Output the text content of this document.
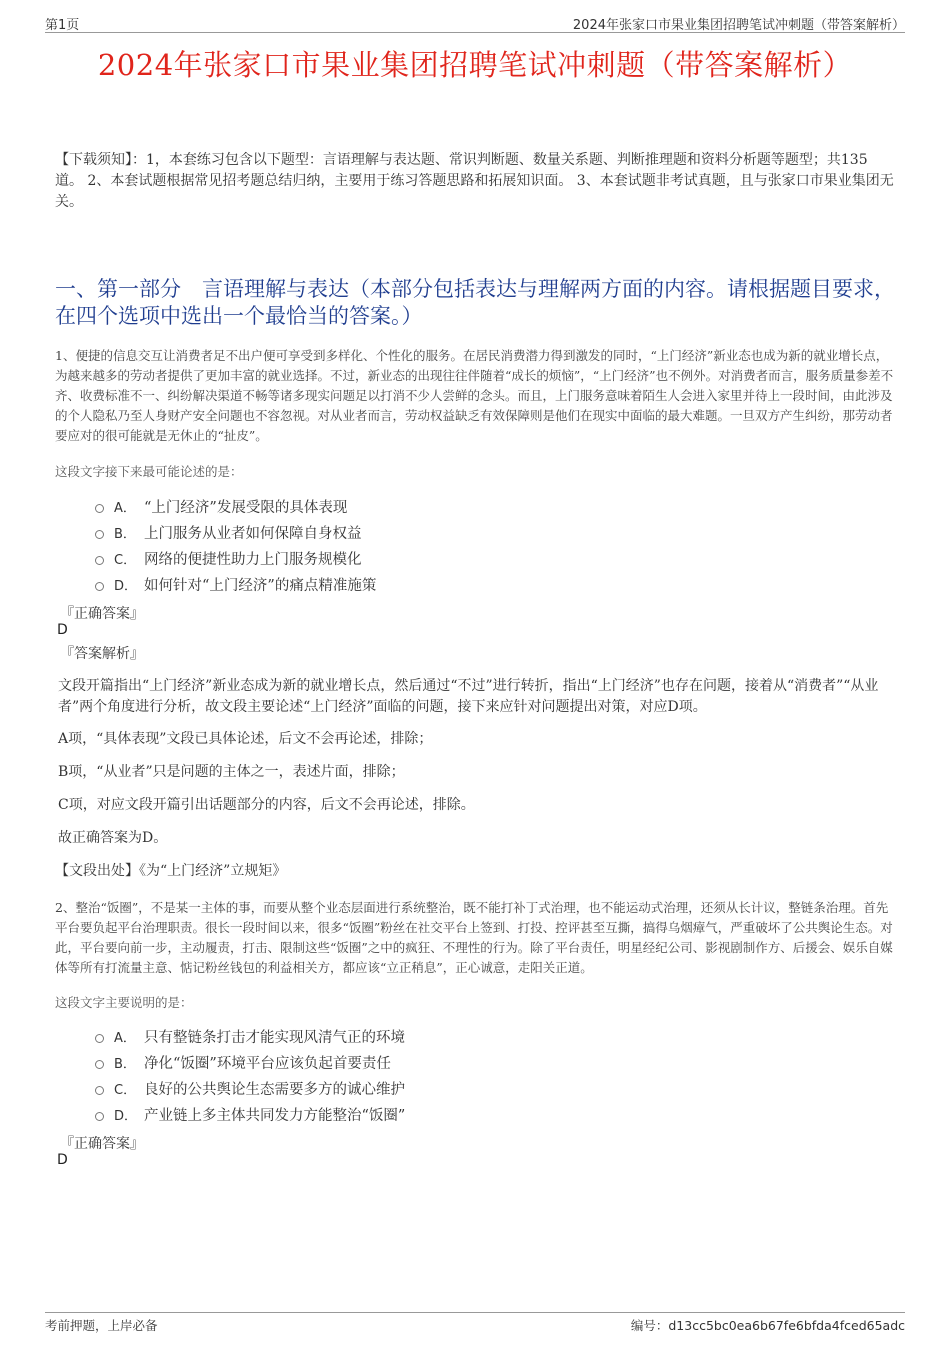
第1页	2024年张家口市果业集团招聘笔试冲刺题（带答案解析）
2024年张家口市果业集团招聘笔试冲刺题（带答案解析）
【下载须知】：1，本套练习包含以下题型：言语理解与表达题、常识判断题、数量关系题、判断推理题和资料分析题等题型；共135道。 2、本套试题根据常见招考题总结归纳，主要用于练习答题思路和拓展知识面。 3、本套试题非考试真题，且与张家口市果业集团无关。
一、第一部分　言语理解与表达（本部分包括表达与理解两方面的内容。请根据题目要求，在四个选项中选出一个最恰当的答案。）
1、便捷的信息交互让消费者足不出户便可享受到多样化、个性化的服务。在居民消费潜力得到激发的同时，“上门经济”新业态也成为新的就业增长点，为越来越多的劳动者提供了更加丰富的就业选择。不过，新业态的出现往往伴随着“成长的烦恼”，“上门经济”也不例外。对消费者而言，服务质量参差不齐、收费标准不一、纠纷解决渠道不畅等诸多现实问题足以打消不少人尝鲜的念头。而且，上门服务意味着陌生人会进入家里并待上一段时间，由此涉及的个人隐私乃至人身财产安全问题也不容忽视。对从业者而言，劳动权益缺乏有效保障则是他们在现实中面临的最大难题。一旦双方产生纠纷，那劳动者要应对的很可能就是无休止的“扯皮”。
这段文字接下来最可能论述的是：
A． “上门经济”发展受限的具体表现
B． 上门服务从业者如何保障自身权益
C． 网络的便捷性助力上门服务规模化
D． 如何针对“上门经济”的痛点精准施策
『正确答案』
D
『答案解析』
文段开篇指出“上门经济”新业态成为新的就业增长点，然后通过“不过”进行转折，指出“上门经济”也存在问题，接着从“消费者”“从业者”两个角度进行分析，故文段主要论述“上门经济”面临的问题，接下来应针对问题提出对策，对应D项。
A项，“具体表现”文段已具体论述，后文不会再论述，排除；
B项，“从业者”只是问题的主体之一，表述片面，排除；
C项，对应文段开篇引出话题部分的内容，后文不会再论述，排除。
故正确答案为D。
【文段出处】《为“上门经济”立规矩》
2、整治“饭圈”，不是某一主体的事，而要从整个业态层面进行系统整治，既不能打补丁式治理，也不能运动式治理，还须从长计议，整链条治理。首先平台要负起平台治理职责。很长一段时间以来，很多“饭圈”粉丝在社交平台上签到、打投、控评甚至互撕，搞得乌烟瘴气，严重破坏了公共舆论生态。对此，平台要向前一步，主动履责，打击、限制这些“饭圈”之中的疯狂、不理性的行为。除了平台责任，明星经纪公司、影视剧制作方、后援会、娱乐自媒体等所有打流量主意、惦记粉丝钱包的利益相关方，都应该“立正稍息”，正心诚意，走阳关正道。
这段文字主要说明的是：
A． 只有整链条打击才能实现风清气正的环境
B． 净化“饭圈”环境平台应该负起首要责任
C． 良好的公共舆论生态需要多方的诚心维护
D． 产业链上多主体共同发力方能整治“饭圈”
『正确答案』
D
考前押题，上岸必备	编号：d13cc5bc0ea6b67fe6bfda4fced65adc
